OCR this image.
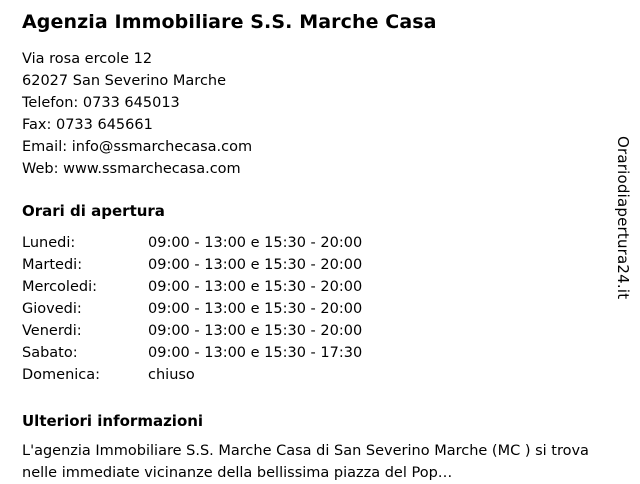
Agenzia Immobiliare S.S. Marche Casa
Via rosa ercole 12
62027 San Severino Marche
Telefon: 0733 645013
Fax: 0733 645661
Email: info@ssmarchecasa.com
Web: www.ssmarchecasa.com
Orari di apertura
Lunedi:	09:00 - 13:00 e 15:30 - 20:00
Martedi:	09:00 - 13:00 e 15:30 - 20:00
Mercoledi:	09:00 - 13:00 e 15:30 - 20:00
Giovedi:	09:00 - 13:00 e 15:30 - 20:00
Venerdi:	09:00 - 13:00 e 15:30 - 20:00
Sabato:	09:00 - 13:00 e 15:30 - 17:30
Domenica:	chiuso
Ulteriori informazioni
L'agenzia Immobiliare S.S. Marche Casa di San Severino Marche (MC ) si trova nelle immediate vicinanze della bellissima piazza del Pop…
Orariodiapertura24.it
